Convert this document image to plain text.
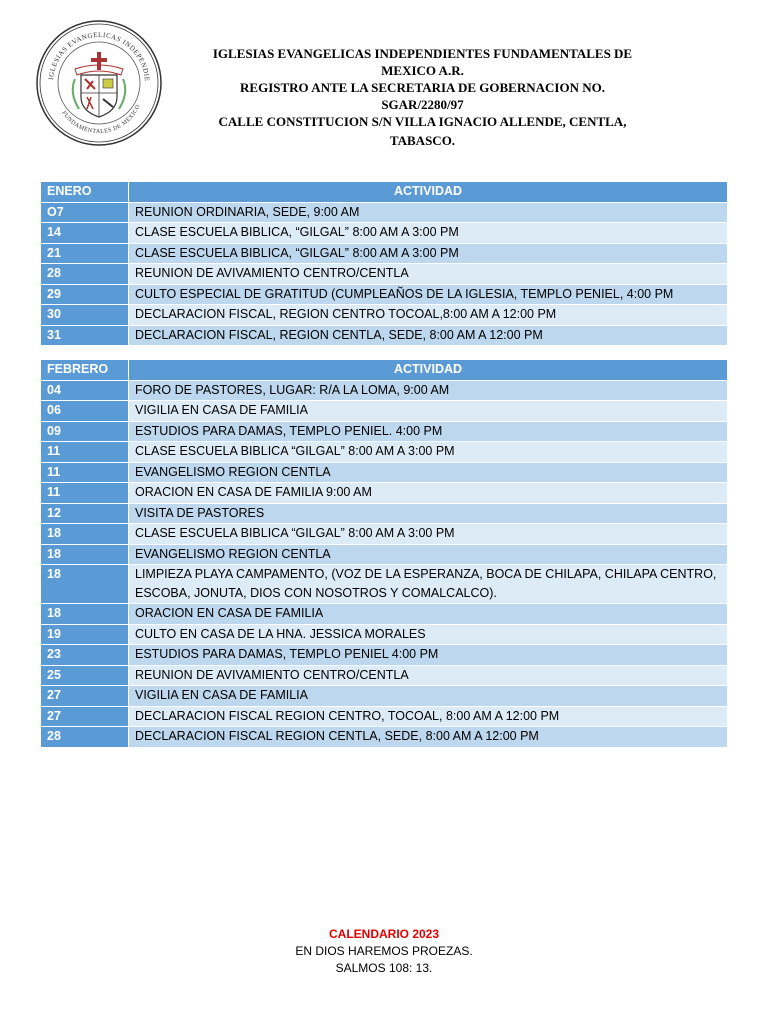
IGLESIAS EVANGELICAS INDEPENDIE
FUNDAMENTALES DE MEXICO
IGLESIAS EVANGELICAS INDEPENDIENTES FUNDAMENTALES DE
MEXICO A.R.
REGISTRO ANTE LA SECRETARIA DE GOBERNACION NO.
SGAR/2280/97
CALLE CONSTITUCION S/N VILLA IGNACIO ALLENDE, CENTLA,
TABASCO.
ENERO	ACTIVIDAD
O7	REUNION ORDINARIA, SEDE, 9:00 AM
14	CLASE ESCUELA BIBLICA, “GILGAL” 8:00 AM A 3:00 PM
21	CLASE ESCUELA BIBLICA, “GILGAL” 8:00 AM A 3:00 PM
28	REUNION DE AVIVAMIENTO CENTRO/CENTLA
29	CULTO ESPECIAL DE GRATITUD (CUMPLEAÑOS DE LA IGLESIA, TEMPLO PENIEL, 4:00 PM
30	DECLARACION FISCAL, REGION CENTRO TOCOAL,8:00 AM A 12:00 PM
31	DECLARACION FISCAL, REGION CENTLA, SEDE, 8:00 AM A 12:00 PM
FEBRERO	ACTIVIDAD
04	FORO DE PASTORES, LUGAR: R/A LA LOMA, 9:00 AM
06	VIGILIA EN CASA DE FAMILIA
09	ESTUDIOS PARA DAMAS, TEMPLO PENIEL. 4:00 PM
11	CLASE ESCUELA BIBLICA “GILGAL” 8:00 AM A 3:00 PM
11	EVANGELISMO REGION CENTLA
11	ORACION EN CASA DE FAMILIA 9:00 AM
12	VISITA DE PASTORES
18	CLASE ESCUELA BIBLICA “GILGAL” 8:00 AM A 3:00 PM
18	EVANGELISMO REGION CENTLA
18	LIMPIEZA PLAYA CAMPAMENTO, (VOZ DE LA ESPERANZA, BOCA DE CHILAPA, CHILAPA CENTRO, ESCOBA, JONUTA, DIOS CON NOSOTROS Y COMALCALCO).
18	ORACION EN CASA DE FAMILIA
19	CULTO EN CASA DE LA HNA. JESSICA MORALES
23	ESTUDIOS PARA DAMAS, TEMPLO PENIEL 4:00 PM
25	REUNION DE AVIVAMIENTO CENTRO/CENTLA
27	VIGILIA EN CASA DE FAMILIA
27	DECLARACION FISCAL REGION CENTRO, TOCOAL, 8:00 AM A 12:00 PM
28	DECLARACION FISCAL REGION CENTLA, SEDE, 8:00 AM A 12:00 PM
CALENDARIO 2023
EN DIOS HAREMOS PROEZAS.
SALMOS 108: 13.
